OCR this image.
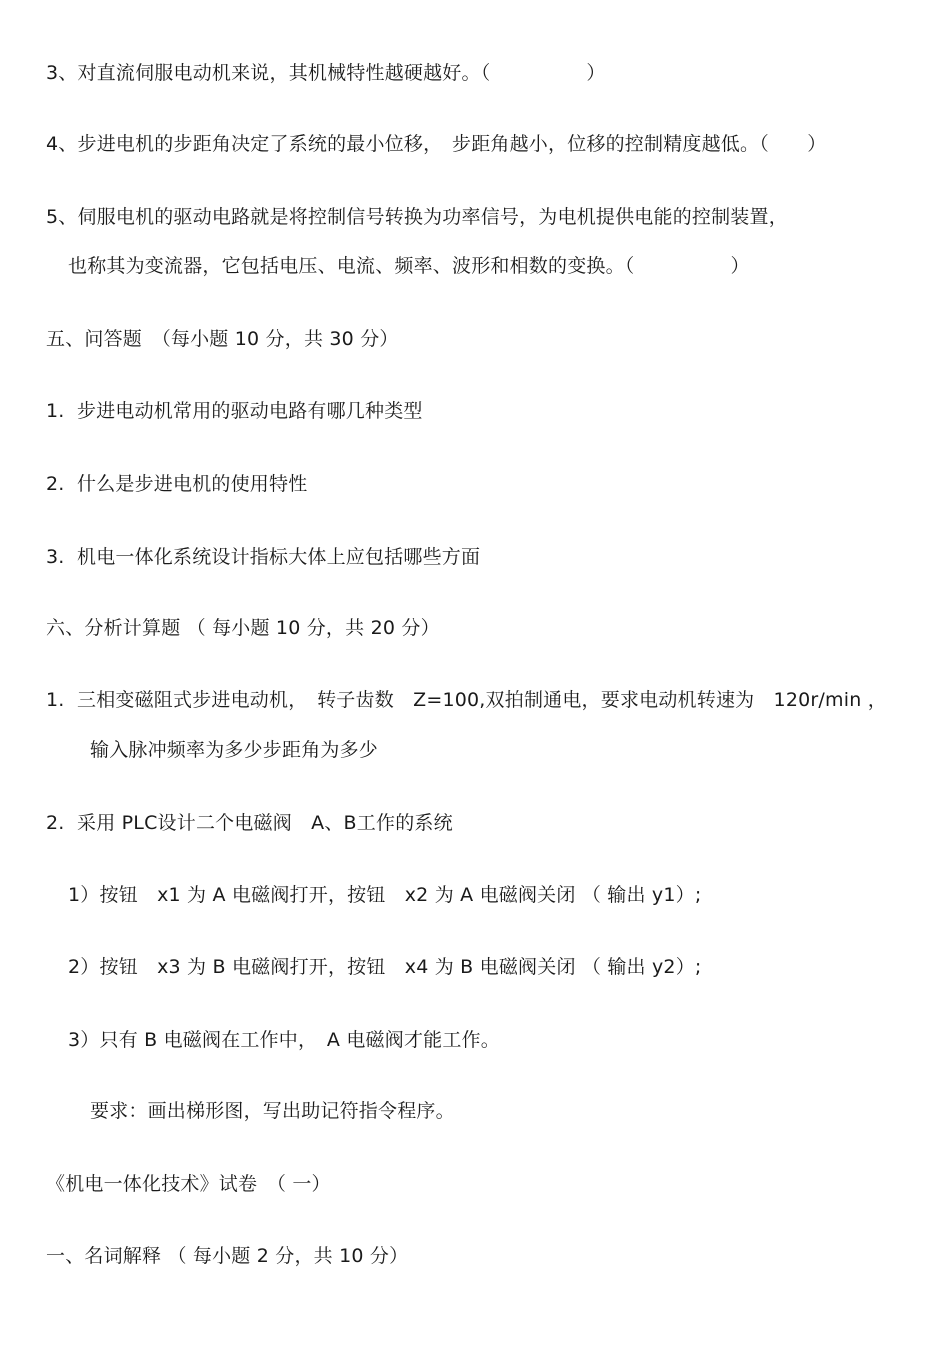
3、对直流伺服电动机来说，其机械特性越硬越好。（　　　　　）
4、步进电机的步距角决定了系统的最小位移，　步距角越小，位移的控制精度越低。（　　）
5、伺服电机的驱动电路就是将控制信号转换为功率信号，为电机提供电能的控制装置，
也称其为变流器，它包括电压、电流、频率、波形和相数的变换。（　　　　　）
五、问答题　（每小题 10 分，共 30 分）
1.  步进电动机常用的驱动电路有哪几种类型
2.  什么是步进电机的使用特性
3.  机电一体化系统设计指标大体上应包括哪些方面
六、分析计算题 （ 每小题 10 分，共 20 分）
1.  三相变磁阻式步进电动机，　转子齿数　Z=100,双拍制通电，要求电动机转速为　120r/min ，
输入脉冲频率为多少步距角为多少
2.  采用 PLC设计二个电磁阀　A、B工作的系统
1）按钮　x1 为 A 电磁阀打开，按钮　x2 为 A 电磁阀关闭 （ 输出 y1）;
2）按钮　x3 为 B 电磁阀打开，按钮　x4 为 B 电磁阀关闭 （ 输出 y2）;
3）只有 B 电磁阀在工作中，　A 电磁阀才能工作。
要求：画出梯形图，写出助记符指令程序。
《机电一体化技术》试卷　（ 一）
一、名词解释 （ 每小题 2 分，共 10 分）
